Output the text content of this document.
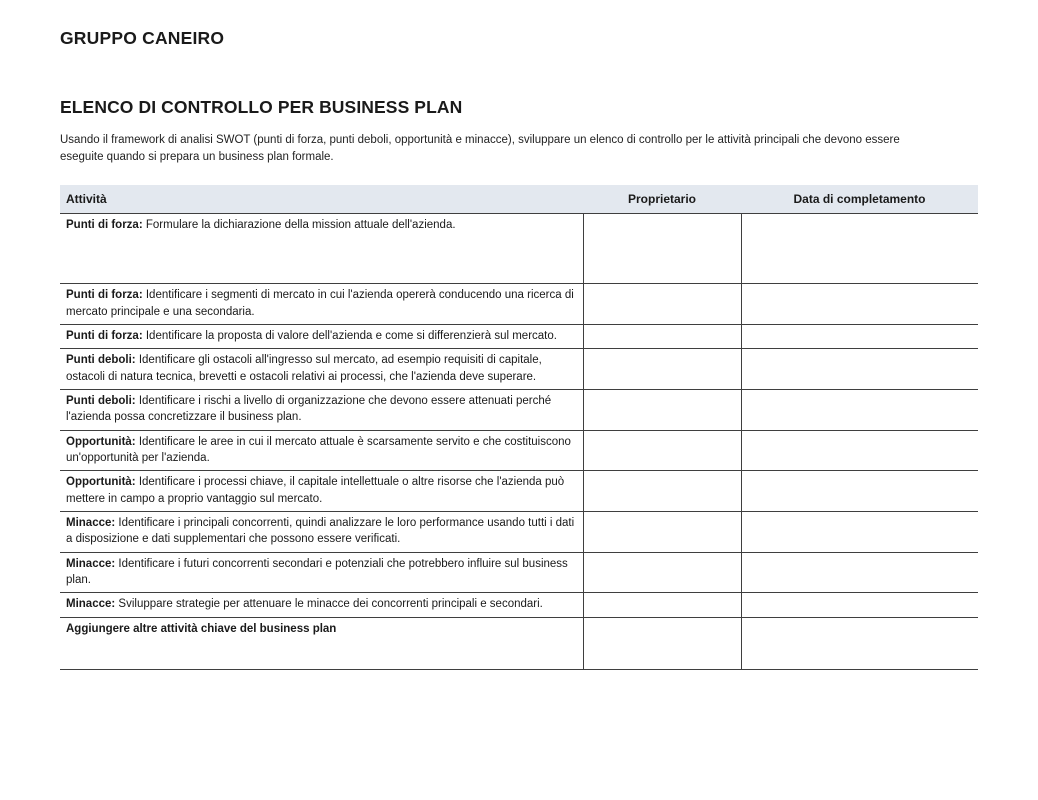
GRUPPO CANEIRO
ELENCO DI CONTROLLO PER BUSINESS PLAN
Usando il framework di analisi SWOT (punti di forza, punti deboli, opportunità e minacce), sviluppare un elenco di controllo per le attività principali che devono essere eseguite quando si prepara un business plan formale.
Attività	Proprietario	Data di completamento
Punti di forza: Formulare la dichiarazione della mission attuale dell'azienda.		
Punti di forza: Identificare i segmenti di mercato in cui l'azienda opererà conducendo una ricerca di mercato principale e una secondaria.		
Punti di forza: Identificare la proposta di valore dell'azienda e come si differenzierà sul mercato.		
Punti deboli: Identificare gli ostacoli all'ingresso sul mercato, ad esempio requisiti di capitale, ostacoli di natura tecnica, brevetti e ostacoli relativi ai processi, che l'azienda deve superare.		
Punti deboli: Identificare i rischi a livello di organizzazione che devono essere attenuati perché l'azienda possa concretizzare il business plan.		
Opportunità: Identificare le aree in cui il mercato attuale è scarsamente servito e che costituiscono un'opportunità per l'azienda.		
Opportunità: Identificare i processi chiave, il capitale intellettuale o altre risorse che l'azienda può mettere in campo a proprio vantaggio sul mercato.		
Minacce: Identificare i principali concorrenti, quindi analizzare le loro performance usando tutti i dati a disposizione e dati supplementari che possono essere verificati.		
Minacce: Identificare i futuri concorrenti secondari e potenziali che potrebbero influire sul business plan.		
Minacce: Sviluppare strategie per attenuare le minacce dei concorrenti principali e secondari.		
Aggiungere altre attività chiave del business plan		
